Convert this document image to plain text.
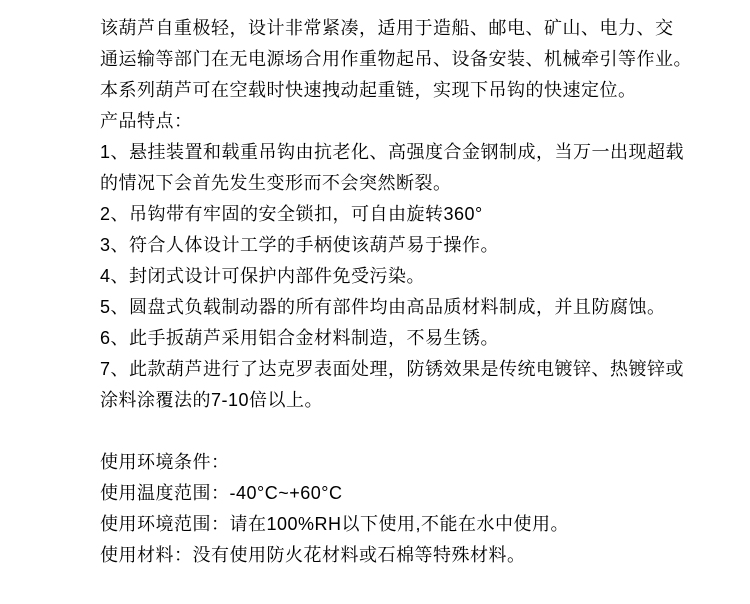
该葫芦自重极轻，设计非常紧凑，适用于造船、邮电、矿山、电力、交

通运输等部门在无电源场合用作重物起吊、设备安装、机械牵引等作业。

本系列葫芦可在空载时快速拽动起重链，实现下吊钩的快速定位。

产品特点：

1、悬挂装置和载重吊钩由抗老化、高强度合金钢制成，当万一出现超载

的情况下会首先发生变形而不会突然断裂。

2、吊钩带有牢固的安全锁扣，可自由旋转360°

3、符合人体设计工学的手柄使该葫芦易于操作。

4、封闭式设计可保护内部件免受污染。

5、圆盘式负载制动器的所有部件均由高品质材料制成，并且防腐蚀。

6、此手扳葫芦采用铝合金材料制造，不易生锈。

7、此款葫芦进行了达克罗表面处理，防锈效果是传统电镀锌、热镀锌或

涂料涂覆法的7-10倍以上。

使用环境条件：

使用温度范围：-40°C~+60°C

使用环境范围：请在100%RH以下使用,不能在水中使用。

使用材料：没有使用防火花材料或石棉等特殊材料。
